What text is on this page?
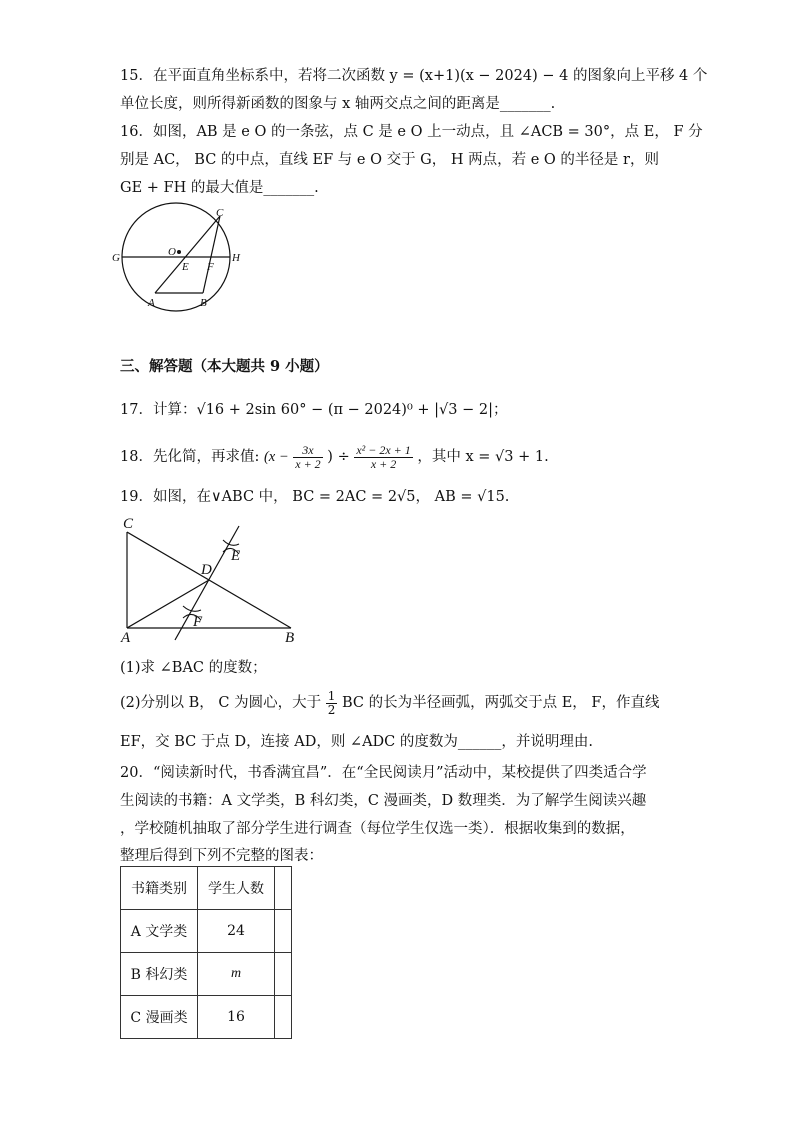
15．在平面直角坐标系中，若将二次函数 y = (x+1)(x − 2024) − 4 的图象向上平移 4 个
单位长度，则所得新函数的图象与 x 轴两交点之间的距离是_______.
16．如图，AB 是 e O 的一条弦，点 C 是 e O 上一动点，且 ∠ACB = 30°，点 E， F 分
别是 AC， BC 的中点，直线 EF 与 e O 交于 G， H 两点，若 e O 的半径是 r，则
GE + FH 的最大值是_______.
C
O
G
E F
H
A	B
三、解答题（本大题共 9 小题）
17．计算：√16 + 2sin 60° − (π − 2024)⁰ + |√3 − 2|；
18．先化简，再求值: ($x - \frac{3x}{x + 2}$ ) ÷ $\frac{\text{x² − 2x + 1}}{x + 2}$ ，其中 x = √3 + 1.
19．如图，在∨ABC 中， BC = 2AC = 2√5， AB = √15.
C
E
D
F
A	B
(1)求 ∠BAC 的度数；
(2)分别以 B， C 为圆心，大于 $\frac{1}{2}$ BC 的长为半径画弧，两弧交于点 E， F，作直线
EF，交 BC 于点 D，连接 AD，则 ∠ADC 的度数为______，并说明理由.
20．“阅读新时代，书香满宜昌”．在“全民阅读月”活动中，某校提供了四类适合学
生阅读的书籍：A 文学类，B 科幻类，C 漫画类，D 数理类．为了解学生阅读兴趣
，学校随机抽取了部分学生进行调查（每位学生仅选一类）．根据收集到的数据，
整理后得到下列不完整的图表：
书籍类别	学生人数	
A 文学类	24	
B 科幻类	m	
C 漫画类	16	
